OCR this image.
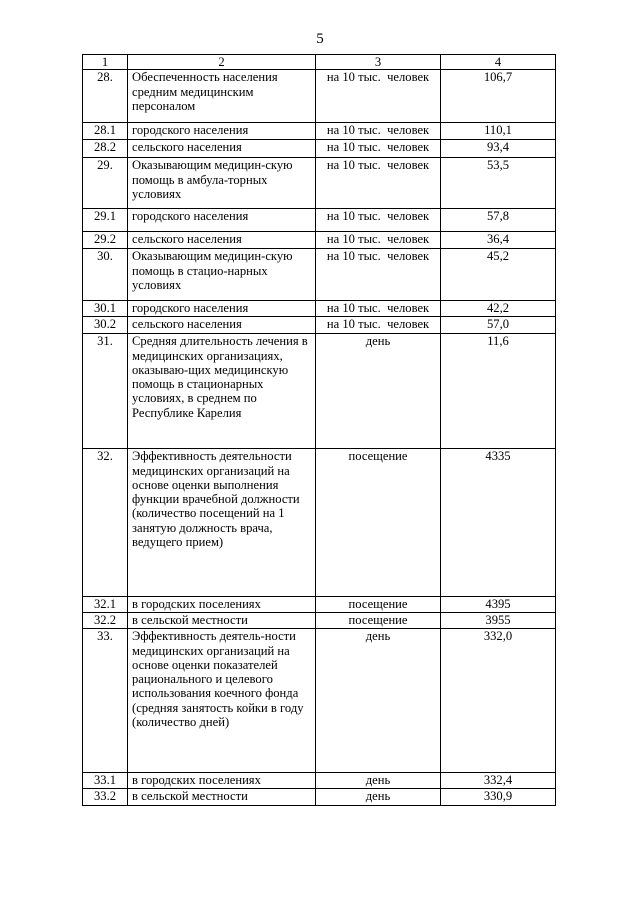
5
1	2	3	4
28.	Обеспеченность населения средним медицинским персоналом	на 10 тыс.  человек	106,7
28.1	городского населения	на 10 тыс.  человек	110,1
28.2	сельского населения	на 10 тыс.  человек	93,4
29.	Оказывающим медицин-скую помощь в амбула-торных условиях	на 10 тыс.  человек	53,5
29.1	городского населения	на 10 тыс.  человек	57,8
29.2	сельского населения	на 10 тыс.  человек	36,4
30.	Оказывающим медицин-скую помощь в стацио-нарных условиях	на 10 тыс.  человек	45,2
30.1	городского населения	на 10 тыс.  человек	42,2
30.2	сельского населения	на 10 тыс.  человек	57,0
31.	Средняя длительность лечения в медицинских организациях, оказываю-щих медицинскую помощь в стационарных условиях, в среднем по Республике Карелия	день	11,6
32.	Эффективность деятельности медицинских организаций на основе оценки выполнения функции врачебной должности (количество посещений на 1 занятую должность врача, ведущего прием)	посещение	4335
32.1	в городских поселениях	посещение	4395
32.2	в сельской местности	посещение	3955
33.	Эффективность деятель-ности медицинских организаций на основе оценки показателей рационального и целевого использования коечного фонда (средняя занятость койки в году (количество дней)	день	332,0
33.1	в городских поселениях	день	332,4
33.2	в сельской местности	день	330,9
